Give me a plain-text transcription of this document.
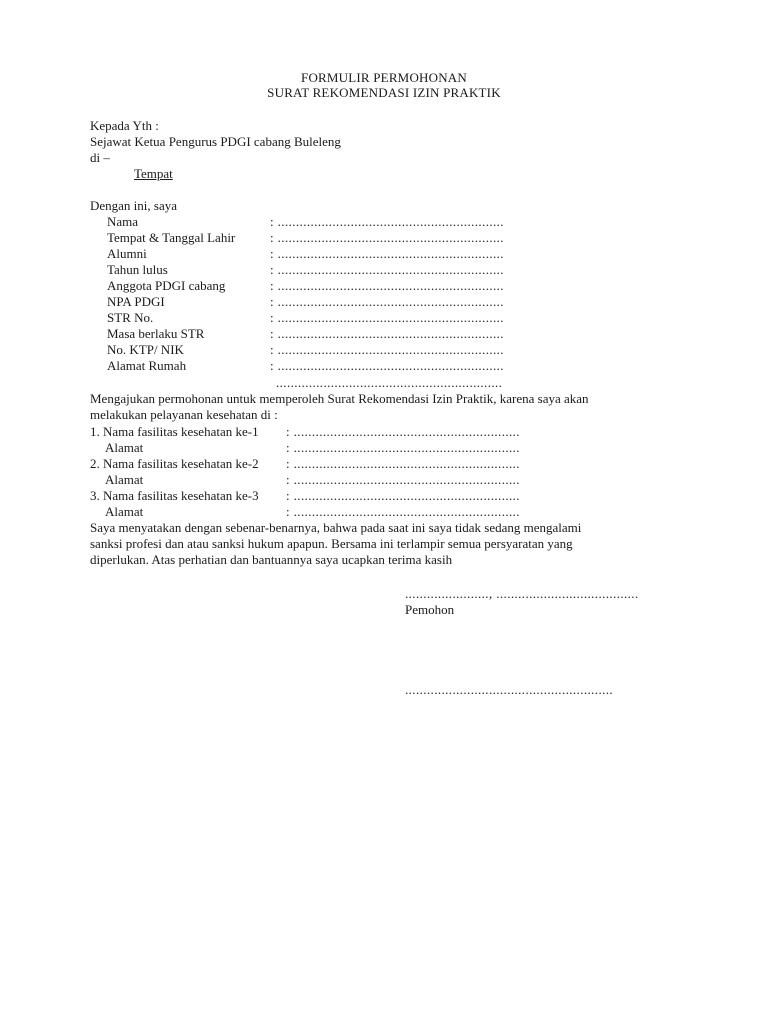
FORMULIR PERMOHONAN
SURAT REKOMENDASI IZIN PRAKTIK
Kepada Yth :
Sejawat Ketua Pengurus PDGI cabang Buleleng
di –
Tempat
Dengan ini, saya
Nama	: ..............................................................
Tempat & Tanggal Lahir	: ..............................................................
Alumni	: ..............................................................
Tahun lulus	: ..............................................................
Anggota PDGI cabang	: ..............................................................
NPA PDGI	: ..............................................................
STR No.	: ..............................................................
Masa berlaku STR	: ..............................................................
No. KTP/ NIK	: ..............................................................
Alamat Rumah	: ..............................................................
..............................................................
Mengajukan permohonan untuk memperoleh Surat Rekomendasi Izin Praktik, karena saya akan
melakukan pelayanan kesehatan di :
1. Nama fasilitas kesehatan ke-1 : ..............................................................
Alamat	: ..............................................................
2. Nama fasilitas kesehatan ke-2 : ..............................................................
Alamat	: ..............................................................
3. Nama fasilitas kesehatan ke-3 : ..............................................................
Alamat	: ..............................................................
Saya menyatakan dengan sebenar-benarnya, bahwa pada saat ini saya tidak sedang mengalami
sanksi profesi dan atau sanksi hukum apapun. Bersama ini terlampir semua persyaratan yang
diperlukan. Atas perhatian dan bantuannya saya ucapkan terima kasih
......................., .......................................
Pemohon
.........................................................
